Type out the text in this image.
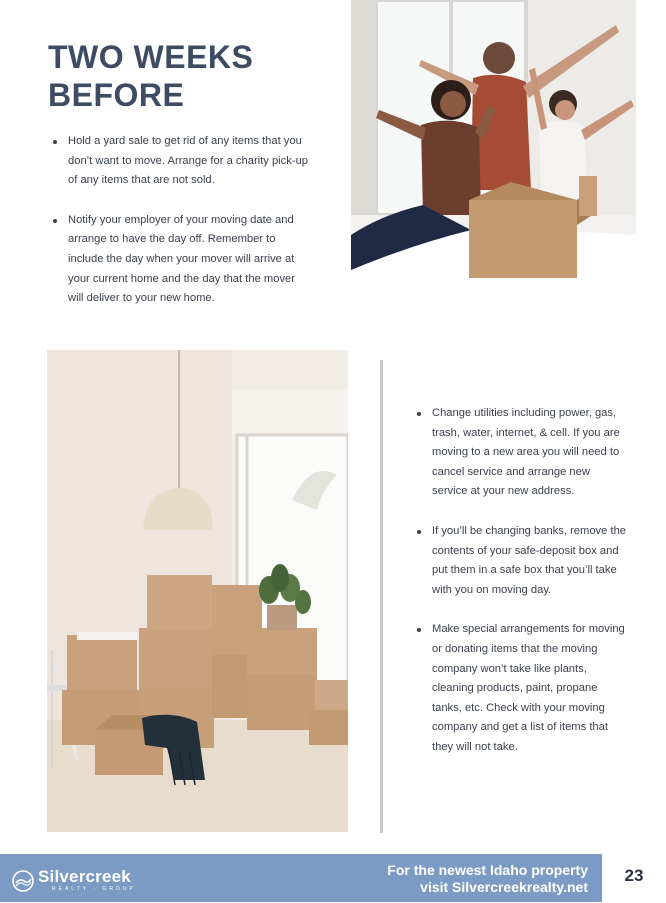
TWO WEEKS
BEFORE
Hold a yard sale to get rid of any items that you don’t want to move. Arrange for a charity pick-up of any items that are not sold.
Notify your employer of your moving date and arrange to have the day off. Remember to include the day when your mover will arrive at your current home and the day that the mover will deliver to your new home.
Change utilities including power, gas, trash, water, internet, & cell. If you are moving to a new area you will need to cancel service and arrange new service at your new address.
If you’ll be changing banks, remove the contents of your safe-deposit box and put them in a safe box that you’ll take with you on moving day.
Make special arrangements for moving or donating items that the moving company won’t take like plants, cleaning products, paint, propane tanks, etc. Check with your moving company and get a list of items that they will not take.
Silvercreek
REALTY · GROUP
For the newest Idaho property
visit Silvercreekrealty.net
23
